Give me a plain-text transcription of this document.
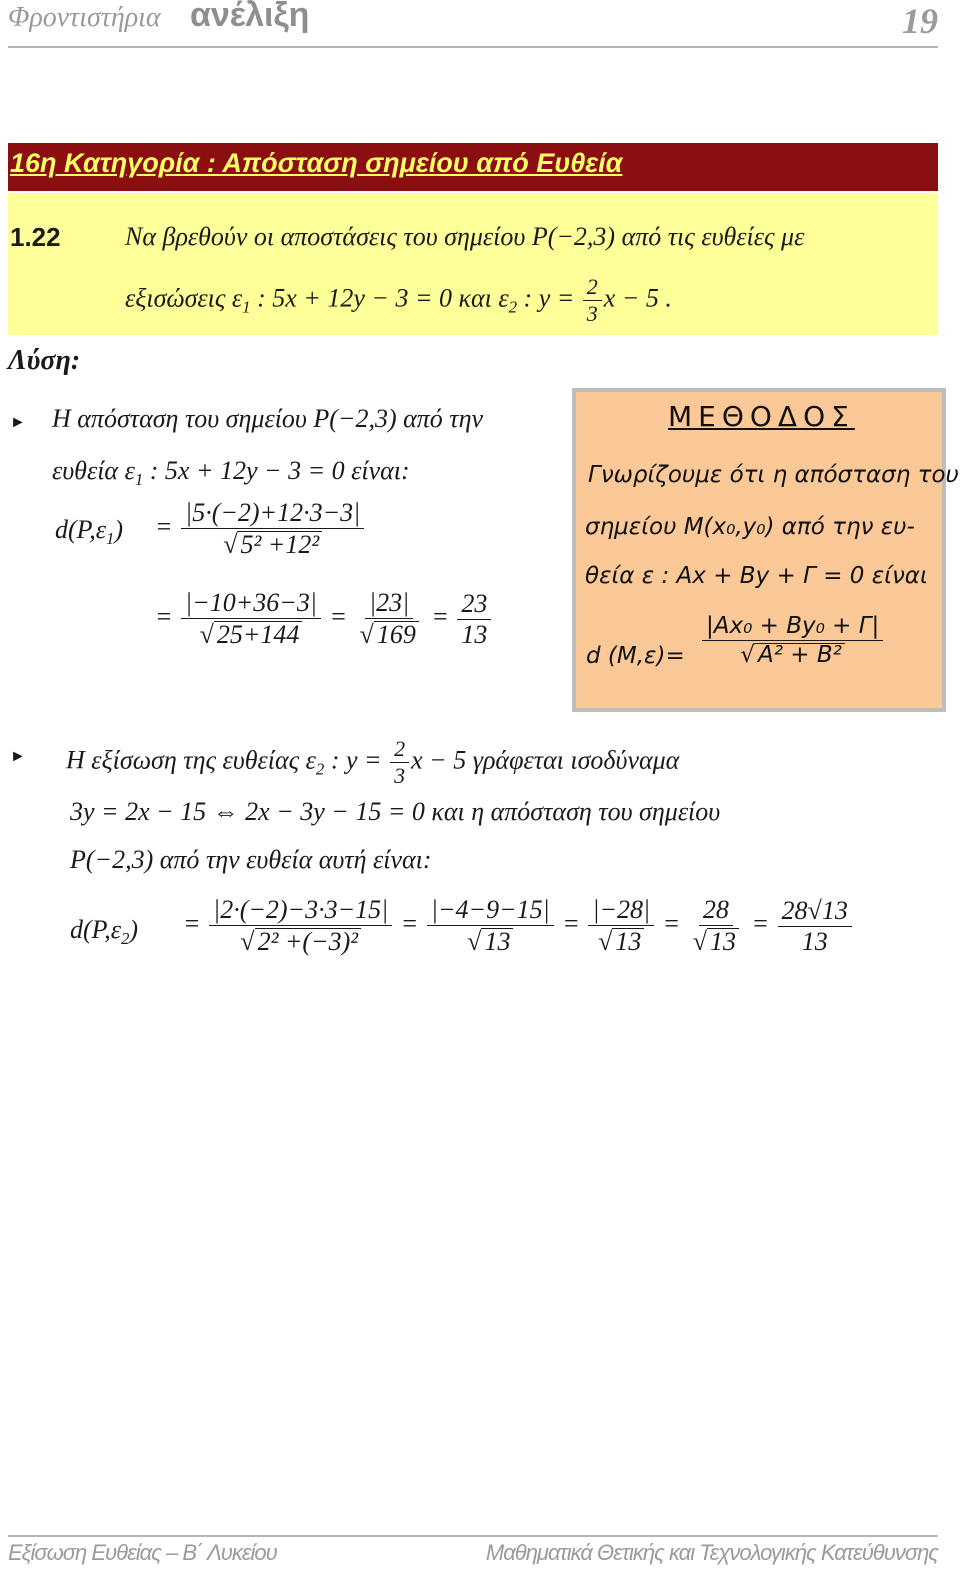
Φροντιστήρια ανέλιξη	19
16η Κατηγορία : Απόσταση σημείου από Ευθεία
1.22 Να βρεθούν οι αποστάσεις του σημείου P(−2,3) από τις ευθείες με
εξισώσεις $\varepsilon_1$ : 5x + 12y − 3 = 0 και $\varepsilon_2$ : $y = \frac{2}{3}$ x − 5 .
Λύση:
► Η απόσταση του σημείου P(−2,3) από την
ευθεία $\varepsilon_1$ : 5x + 12y − 3 = 0 είναι:
$d(P,\varepsilon_1) = \frac{|5\cdot(-2)+12\cdot 3-3|}{\text{√ 5² +12²}}$
= $\frac{|-10+36-3|}{√ 25+144} = \frac{|23|}{√ 169} = \frac{23}{13}$
ΜΕΘΟΔΟΣ
Γνωρίζουμε ότι η απόσταση του
σημείου M(x₀,y₀) από την ευ-
θεία ε : Ax + By + Γ = 0 είναι
d $(M,\varepsilon)= \frac{\text{|Ax₀ + By₀ + Γ|}}{\text{√ A² + B²}}$
► Η εξίσωση της ευθείας $\varepsilon_2$ : $y = \frac{2}{3}$ x − 5 γράφεται ισοδύναμα
3y = 2x − 15 ⇔ 2x − 3y − 15 = 0 και η απόσταση του σημείου
P(−2,3) από την ευθεία αυτή είναι:
$d(P,\varepsilon_2) = \frac{|2\cdot(-2)-3\cdot 3-15|}{\text{√ 2² +(−3)²}} = \frac{|-4-9-15|}{√ 13} = \frac{|-28|}{√ 13} = \frac{28}{√ 13} = \frac{28√13}{13}$
Εξίσωση Ευθείας – Β΄ Λυκείου	Μαθηματικά Θετικής και Τεχνολογικής Κατεύθυνσης
